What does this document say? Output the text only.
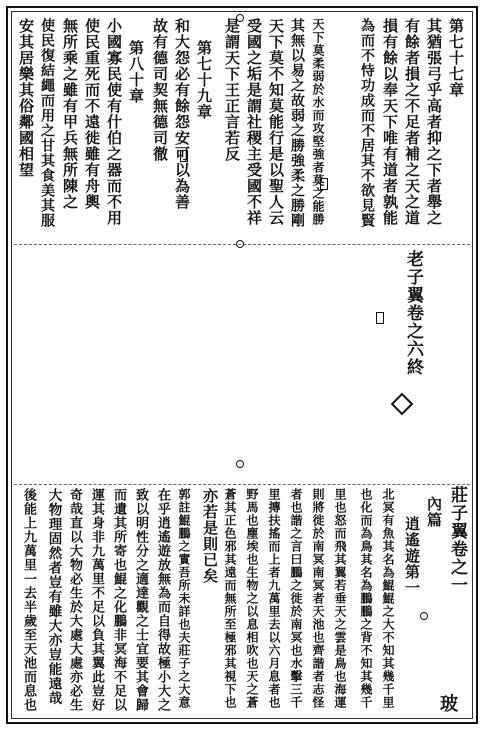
第七十七章
其猶張弓乎高者抑之下者舉之
有餘者損之不足者補之天之道
損有餘以奉天下唯有道者孰能
為而不恃功成而不居其不欲見賢
天下莫柔弱於水而攻堅強者莫之能勝
其無以易之故弱之勝強柔之勝剛
天下莫不知莫能行是以聖人云
受國之垢是謂社稷主受國不祥
是謂天下王正言若反
第七十九章
和大怨必有餘怨安可以為善
故有德司契無德司徹
第八十章
小國寡民使有什伯之器而不用
使民重死而不遠徙雖有舟輿
無所乘之雖有甲兵無所陳之
使民復結繩而用之甘其食美其服
安其居樂其俗鄰國相望
老子翼卷之六終
莊子翼卷之一
內篇
逍遙遊第一
玻
北冥有魚其名為鯤鯤之大不知其幾千里
也化而為鳥其名為鵬鵬之背不知其幾千
里也怒而飛其翼若垂天之雲是鳥也海運
則將徙於南冥南冥者天池也齊諧者志怪
者也諧之言曰鵬之徙於南冥也水擊三千
里摶扶搖而上者九萬里去以六月息者也
野馬也塵埃也生物之以息相吹也天之蒼
蒼其正色邪其遠而無所至極邪其視下也
亦若是則已矣
郭註鯤鵬之實吾所未詳也夫莊子之大意
在乎逍遙遊放無為而自得故極小大之
致以明性分之適達觀之士宜要其會歸
而遺其所寄也鯤之化鵬非冥海不足以
運其身非九萬里不足以負其翼此豈好
奇哉直以大物必生於大處大處亦必生
大物理固然者豈有雖大亦豈能遠哉
後能上九萬里一去半歲至天池而息也
